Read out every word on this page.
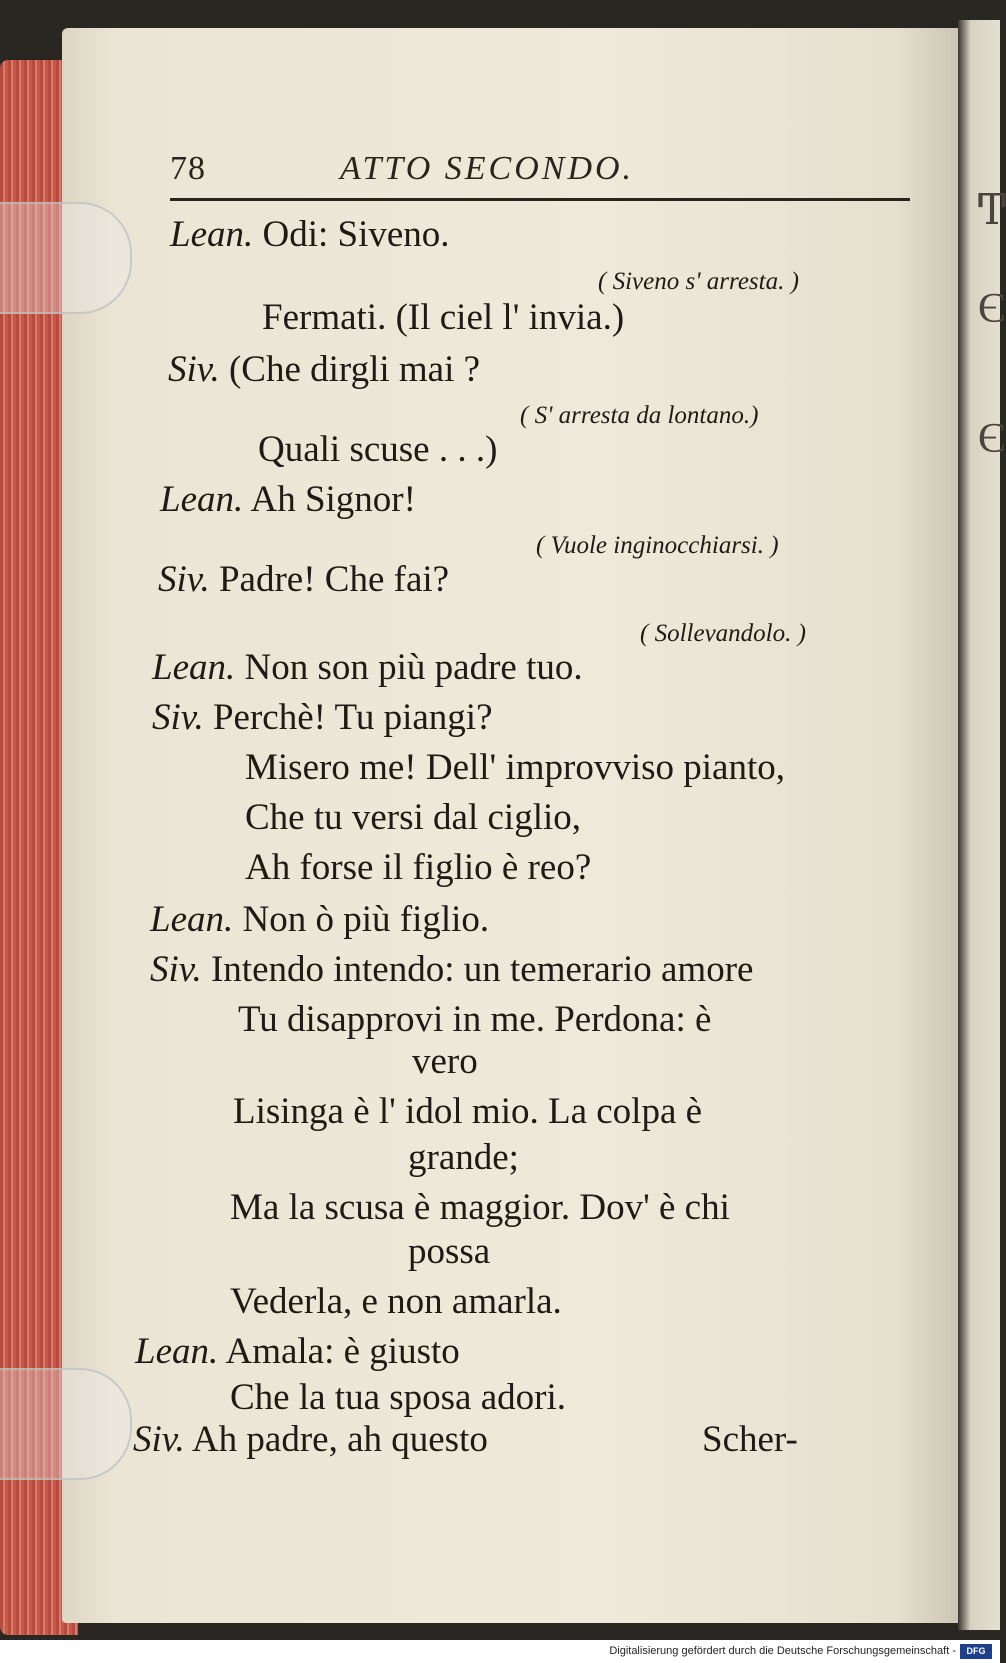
Ͳ
Є
Є
78	ATTO SECONDO.
Lean. Odi: Siveno.
( Siveno s' arresta. )
Fermati. (Il ciel l' invia.)
Siv. (Che dirgli mai ?
( S' arresta da lontano.)
Quali scuse . . .)
Lean. Ah Signor!
( Vuole inginocchiarsi. )
Siv. Padre! Che fai?
( Sollevandolo. )
Lean. Non son più padre tuo.
Siv. Perchè! Tu piangi?
Misero me! Dell' improvviso pianto,
Che tu versi dal ciglio,
Ah forse il figlio è reo?
Lean. Non ò più figlio.
Siv. Intendo intendo: un temerario amore
Tu disapprovi in me. Perdona: è
vero
Lisinga è l' idol mio. La colpa è
grande;
Ma la scusa è maggior. Dov' è chi
possa
Vederla, e non amarla.
Lean. Amala: è giusto
Che la tua sposa adori.
Siv. Ah padre, ah questo	Scher-
Digitalisierung gefördert durch die Deutsche Forschungsgemeinschaft -	DFG
